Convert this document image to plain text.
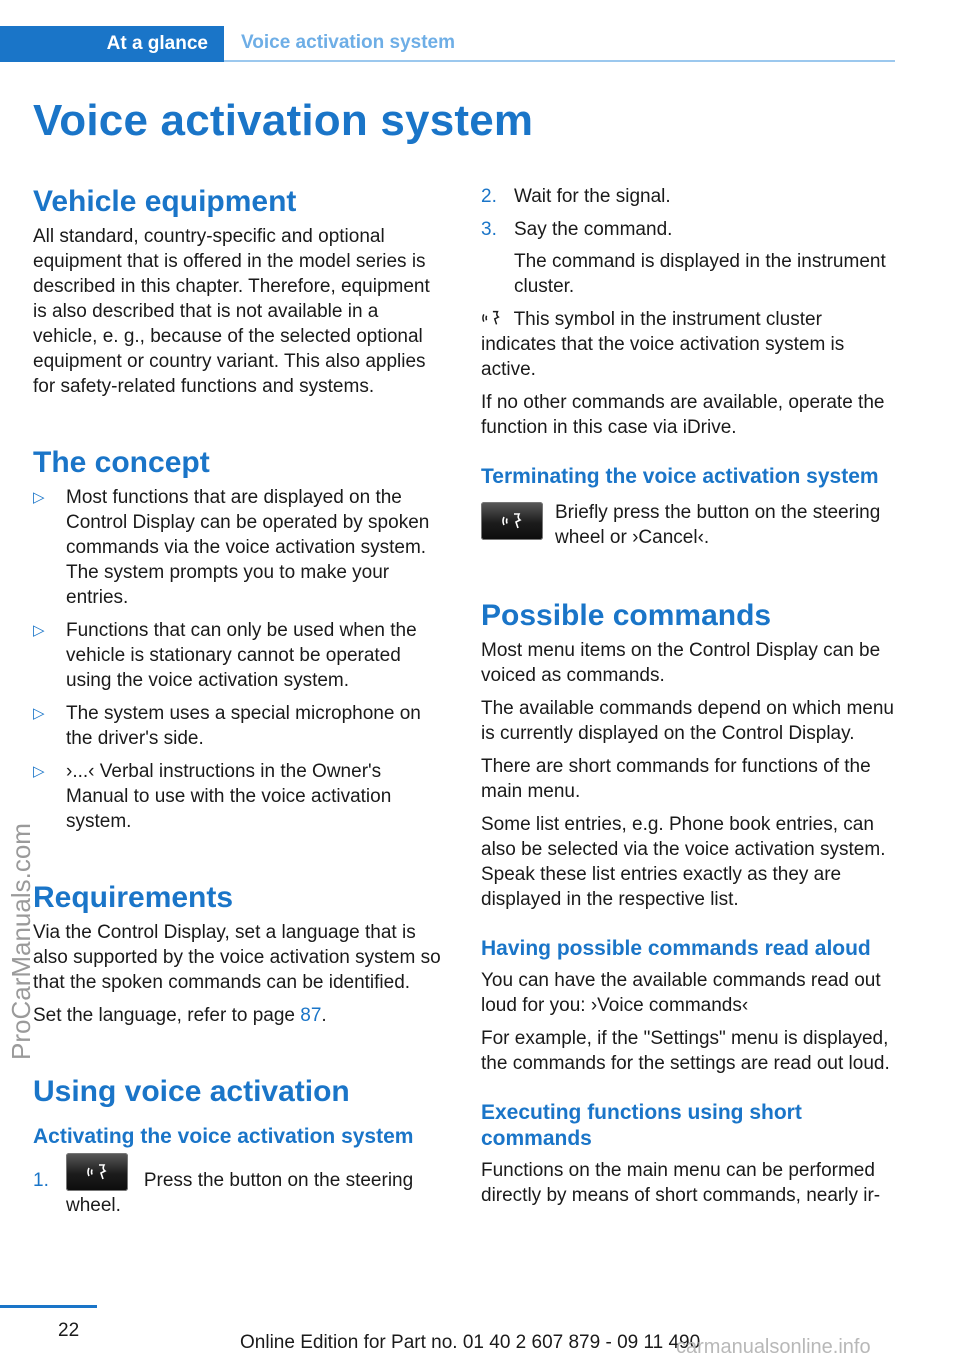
At a glance	Voice activation system
Voice activation system
Vehicle equipment

All standard, country-specific and optional equipment that is offered in the model series is described in this chapter. Therefore, equipment is also described that is not available in a vehicle, e. g., because of the selected optional equipment or country variant. This also applies for safety-related functions and systems.

The concept
▷ Most functions that are displayed on the Control Display can be operated by spoken commands via the voice activation system. The system prompts you to make your entries.
▷ Functions that can only be used when the vehicle is stationary cannot be operated using the voice activation system.
▷ The system uses a special microphone on the driver's side.
▷ ›...‹ Verbal instructions in the Owner's Manual to use with the voice activation system.
Requirements

Via the Control Display, set a language that is also supported by the voice activation system so that the spoken commands can be identified.

Set the language, refer to page 87.

Using voice activation
Activating the voice activation system
1.	Press the button on the steering wheel.
2. Wait for the signal.
3. Say the command.
The command is displayed in the instrument cluster.

This symbol in the instrument cluster indicates that the voice activation system is active.

If no other commands are available, operate the function in this case via iDrive.

Terminating the voice activation system
Briefly press the button on the steering wheel or ›Cancel‹.
Possible commands

Most menu items on the Control Display can be voiced as commands.

The available commands depend on which menu is currently displayed on the Control Display.

There are short commands for functions of the main menu.

Some list entries, e.g. Phone book entries, can also be selected via the voice activation system. Speak these list entries exactly as they are displayed in the respective list.

Having possible commands read aloud

You can have the available commands read out loud for you: ›Voice commands‹

For example, if the "Settings" menu is displayed, the commands for the settings are read out loud.

Executing functions using short commands

Functions on the main menu can be performed directly by means of short commands, nearly ir-

ProCarManuals.com
22
Online Edition for Part no. 01 40 2 607 879 - 09 11 490
carmanualsonline.info
